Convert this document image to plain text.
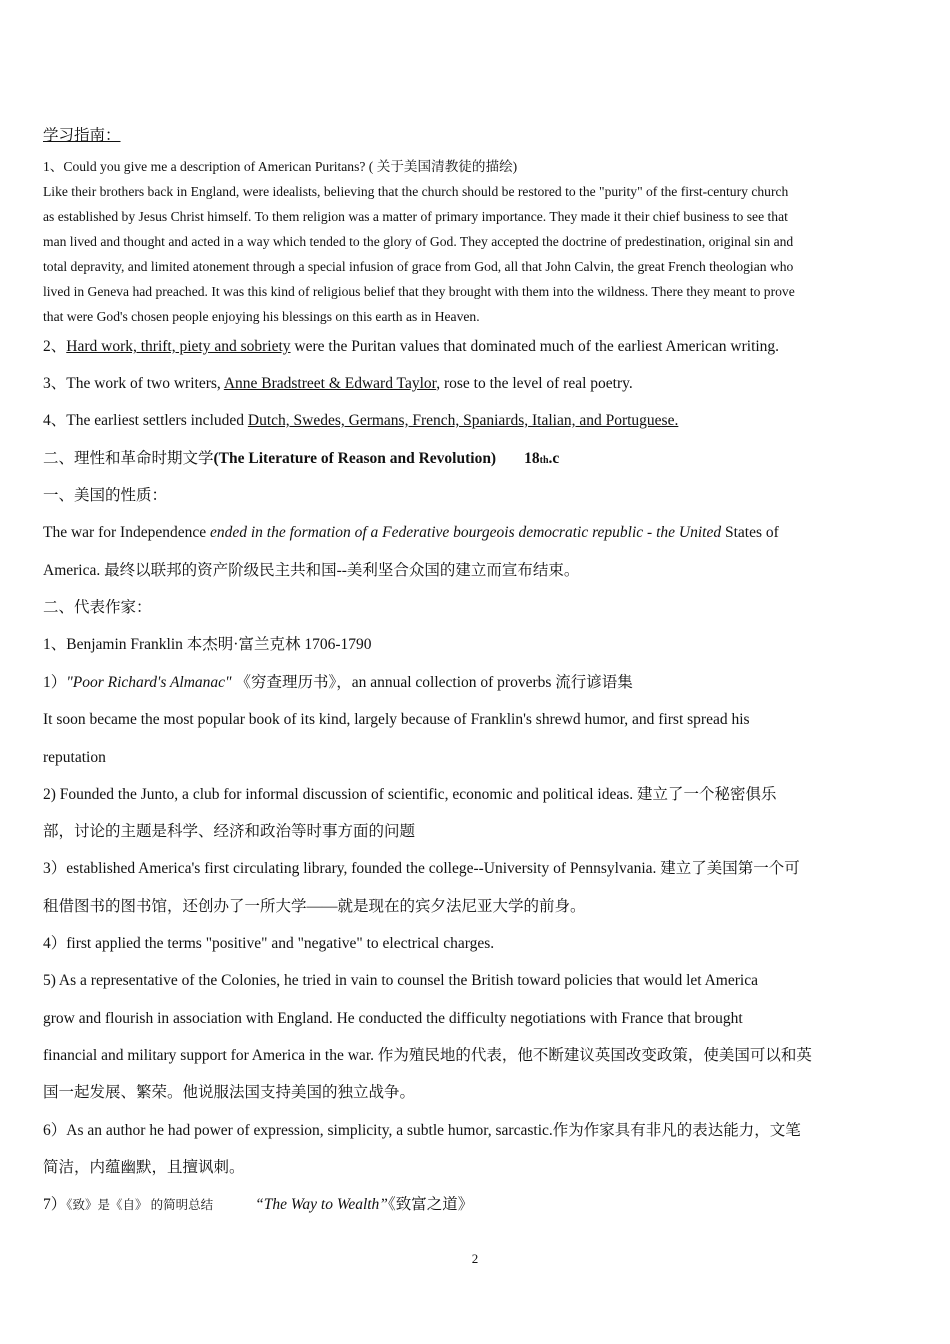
学习指南：
1、Could you give me a description of American Puritans? ( 关于美国清教徒的描绘)
Like their brothers back in England, were idealists, believing that the church should be restored to the "purity" of the first-century church
as established by Jesus Christ himself. To them religion was a matter of primary importance. They made it their chief business to see that
man lived and thought and acted in a way which tended to the glory of God. They accepted the doctrine of predestination, original sin and
total depravity, and limited atonement through a special infusion of grace from God, all that John Calvin, the great French theologian who
lived in Geneva had preached. It was this kind of religious belief that they brought with them into the wildness. There they meant to prove
that were God's chosen people enjoying his blessings on this earth as in Heaven.
2、Hard work, thrift, piety and sobriety were the Puritan values that dominated much of the earliest American writing.
3、The work of two writers, Anne Bradstreet & Edward Taylor, rose to the level of real poetry.
4、The earliest settlers included Dutch, Swedes, Germans, French, Spaniards, Italian, and Portuguese.
二、理性和革命时期文学(The Literature of Reason and Revolution) 18th.c
一、美国的性质：
The war for Independence ended in the formation of a Federative bourgeois democratic republic - the United States of
America. 最终以联邦的资产阶级民主共和国--美利坚合众国的建立而宣布结束。
二、代表作家：
1、Benjamin Franklin 本杰明·富兰克林 1706-1790
1）"Poor Richard's Almanac" 《穷查理历书》，an annual collection of proverbs 流行谚语集
It soon became the most popular book of its kind, largely because of Franklin's shrewd humor, and first spread his
reputation
2) Founded the Junto, a club for informal discussion of scientific, economic and political ideas. 建立了一个秘密俱乐
部，讨论的主题是科学、经济和政治等时事方面的问题
3）established America's first circulating library, founded the college--University of Pennsylvania. 建立了美国第一个可
租借图书的图书馆，还创办了一所大学——就是现在的宾夕法尼亚大学的前身。
4）first applied the terms "positive" and "negative" to electrical charges.
5) As a representative of the Colonies, he tried in vain to counsel the British toward policies that would let America
grow and flourish in association with England. He conducted the difficulty negotiations with France that brought
financial and military support for America in the war. 作为殖民地的代表，他不断建议英国改变政策，使美国可以和英
国一起发展、繁荣。他说服法国支持美国的独立战争。
6）As an author he had power of expression, simplicity, a subtle humor, sarcastic.作为作家具有非凡的表达能力，文笔
简洁，内蕴幽默，且擅讽刺。
7）《致》是《自》 的简明总结	“The Way to Wealth”《致富之道》
2
